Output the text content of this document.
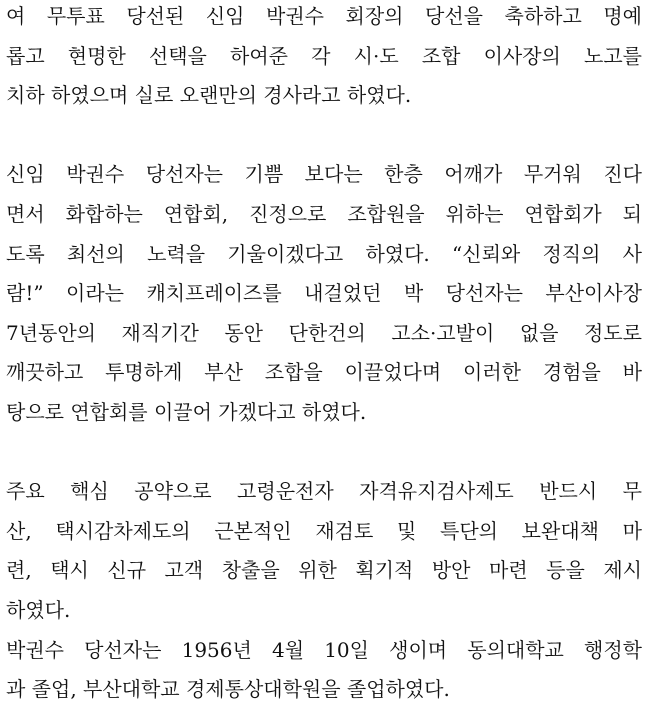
여 무투표 당선된 신임 박권수 회장의 당선을 축하하고 명예
롭고 현명한 선택을 하여준 각 시·도 조합 이사장의 노고를
치하 하였으며 실로 오랜만의 경사라고 하였다.
신임 박권수 당선자는 기쁨 보다는 한층 어깨가 무거워 진다
면서 화합하는 연합회, 진정으로 조합원을 위하는 연합회가 되
도록 최선의 노력을 기울이겠다고 하였다. “신뢰와 정직의 사
람!” 이라는 캐치프레이즈를 내걸었던 박 당선자는 부산이사장
7년동안의 재직기간 동안 단한건의 고소·고발이 없을 정도로
깨끗하고 투명하게 부산 조합을 이끌었다며 이러한 경험을 바
탕으로 연합회를 이끌어 가겠다고 하였다.
주요 핵심 공약으로 고령운전자 자격유지검사제도 반드시 무
산, 택시감차제도의 근본적인 재검토 및 특단의 보완대책 마
련, 택시 신규 고객 창출을 위한 획기적 방안 마련 등을 제시
하였다.
박권수 당선자는 1956년 4월 10일 생이며 동의대학교 행정학
과 졸업, 부산대학교 경제통상대학원을 졸업하였다.
